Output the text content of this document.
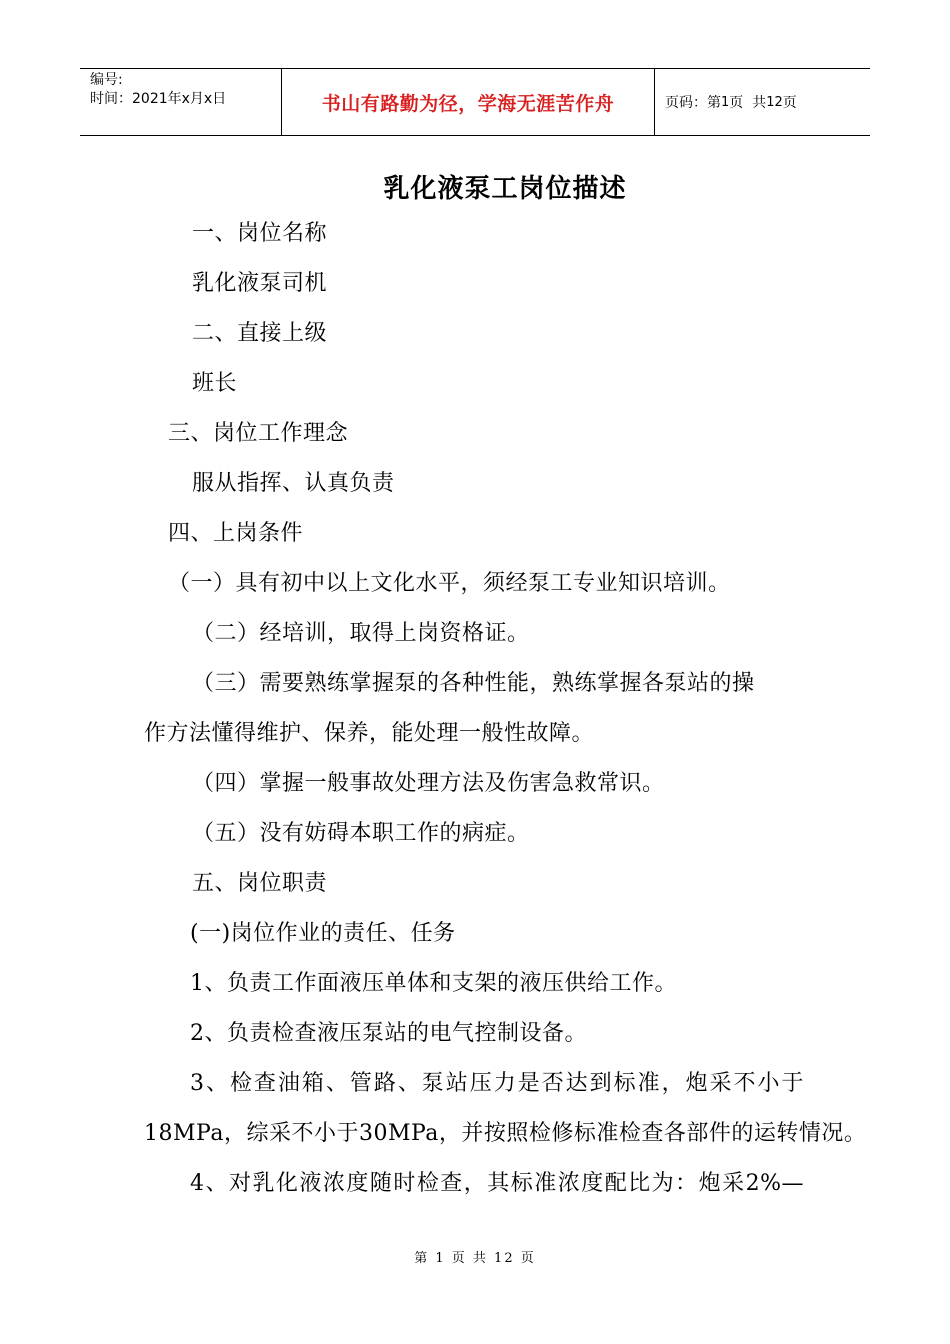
编号:
时间：2021年x月x日	书山有路勤为径，学海无涯苦作舟	页码：第 1 页  共 12 页
乳化液泵工岗位描述
一、岗位名称
乳化液泵司机
二、直接上级
班长
三、岗位工作理念
服从指挥、认真负责
四、上岗条件
（一）具有初中以上文化水平，须经泵工专业知识培训。
（二）经培训，取得上岗资格证。
（三）需要熟练掌握泵的各种性能，熟练掌握各泵站的操
作方法懂得维护、保养，能处理一般性故障。
（四）掌握一般事故处理方法及伤害急救常识。
（五）没有妨碍本职工作的病症。
五、岗位职责
(一)岗位作业的责任、任务
1、负责工作面液压单体和支架的液压供给工作。
2、负责检查液压泵站的电气控制设备。
3、检查油箱、管路、泵站压力是否达到标准，炮采不小于
18MPa，综采不小于30MPa，并按照检修标准检查各部件的运转情况。
4、对乳化液浓度随时检查，其标准浓度配比为：炮采2%—
第 1 页 共 12 页
